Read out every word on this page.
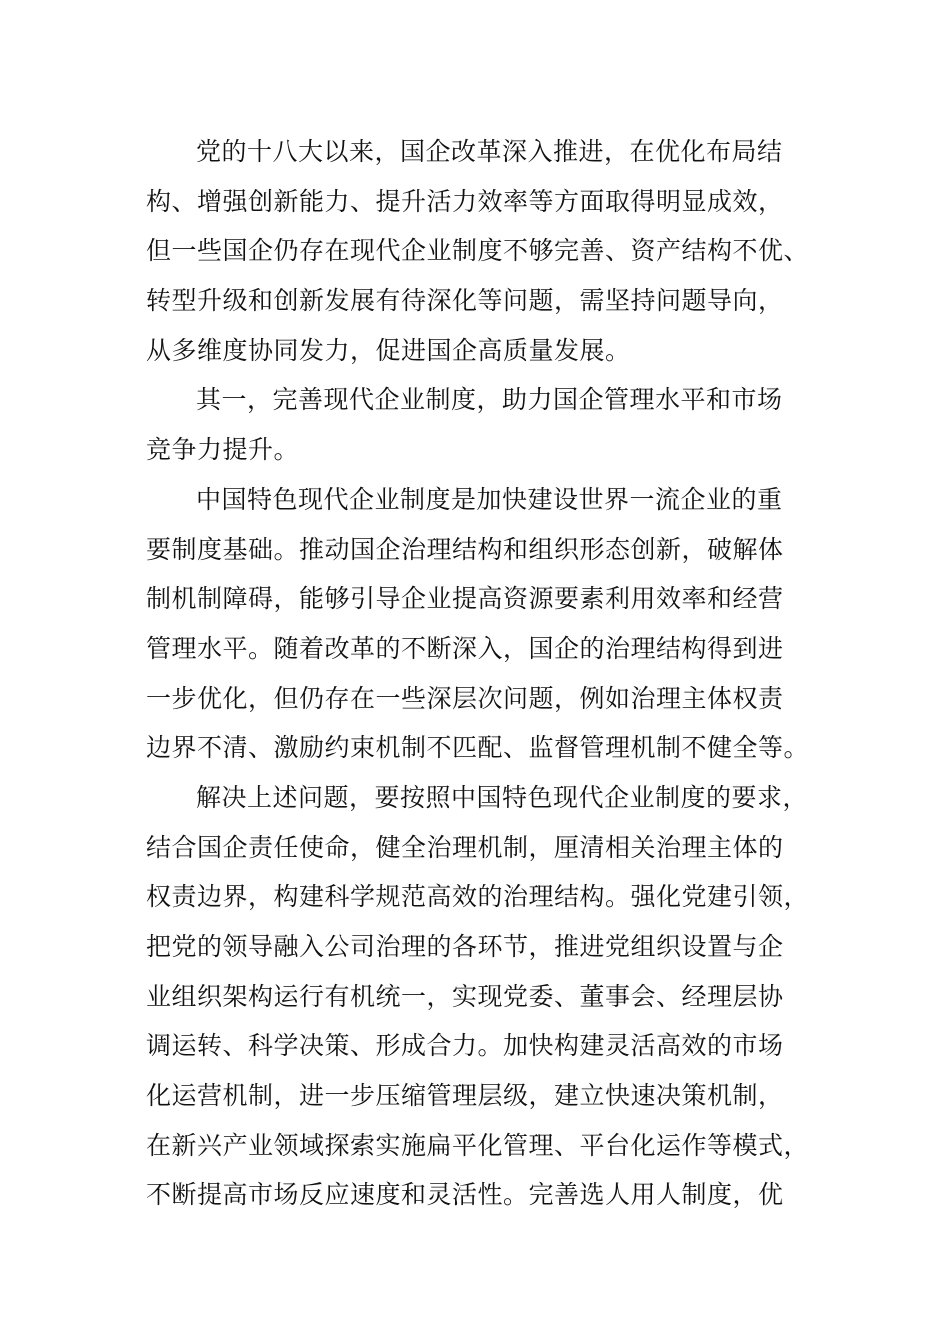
党的十八大以来，国企改革深入推进，在优化布局结
构、增强创新能力、提升活力效率等方面取得明显成效，
但一些国企仍存在现代企业制度不够完善、资产结构不优、
转型升级和创新发展有待深化等问题，需坚持问题导向，
从多维度协同发力，促进国企高质量发展。
其一，完善现代企业制度，助力国企管理水平和市场
竞争力提升。
中国特色现代企业制度是加快建设世界一流企业的重
要制度基础。推动国企治理结构和组织形态创新，破解体
制机制障碍，能够引导企业提高资源要素利用效率和经营
管理水平。随着改革的不断深入，国企的治理结构得到进
一步优化，但仍存在一些深层次问题，例如治理主体权责
边界不清、激励约束机制不匹配、监督管理机制不健全等。
解决上述问题，要按照中国特色现代企业制度的要求，
结合国企责任使命，健全治理机制，厘清相关治理主体的
权责边界，构建科学规范高效的治理结构。强化党建引领，
把党的领导融入公司治理的各环节，推进党组织设置与企
业组织架构运行有机统一，实现党委、董事会、经理层协
调运转、科学决策、形成合力。加快构建灵活高效的市场
化运营机制，进一步压缩管理层级，建立快速决策机制，
在新兴产业领域探索实施扁平化管理、平台化运作等模式，
不断提高市场反应速度和灵活性。完善选人用人制度，优
